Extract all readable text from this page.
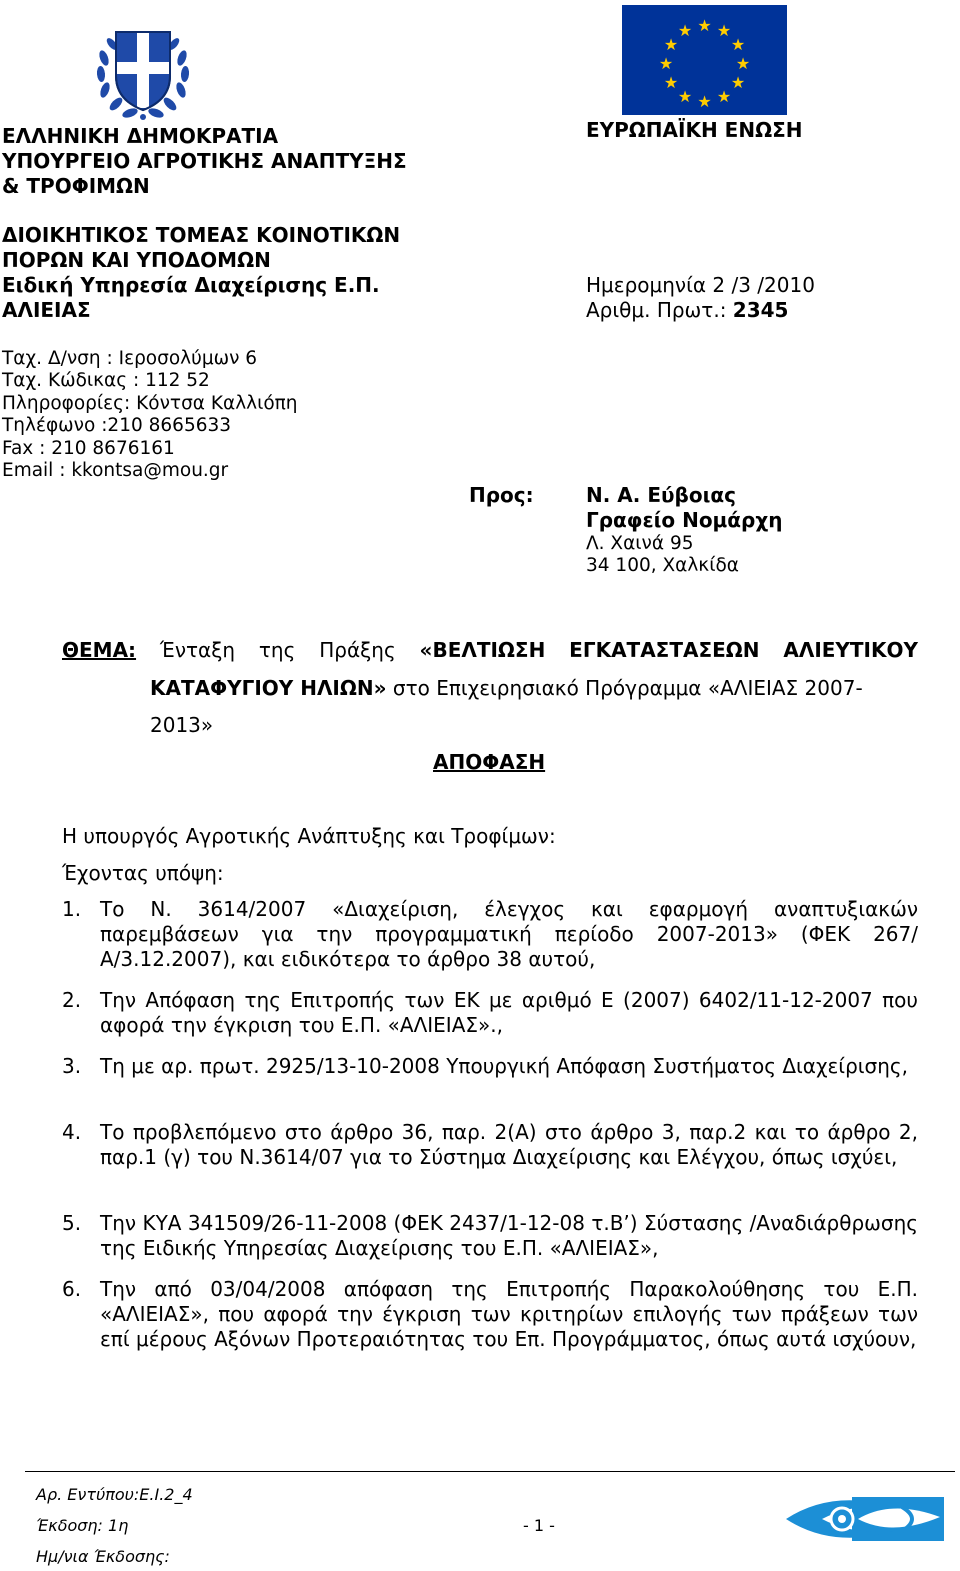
★ ★
★
★
★
★
★
★
★
★
★
★
ΕΛΛΗΝΙΚΗ ΔΗΜΟΚΡΑΤΙΑ
ΥΠΟΥΡΓΕΙΟ ΑΓΡΟΤΙΚΗΣ ΑΝΑΠΤΥΞΗΣ
& ΤΡΟΦΙΜΩΝ
ΔΙΟΙΚΗΤΙΚΟΣ ΤΟΜΕΑΣ ΚΟΙΝΟΤΙΚΩΝ
ΠΟΡΩΝ ΚΑΙ ΥΠΟΔΟΜΩΝ
Ειδική Υπηρεσία Διαχείρισης Ε.Π.
ΑΛΙΕΙΑΣ
ΕΥΡΩΠΑΪΚΗ ΕΝΩΣΗ
Ημερομηνία 2 /3 /2010
Αριθμ. Πρωτ.: 2345
Ταχ. Δ/νση : Ιεροσολύμων 6
Ταχ. Κώδικας : 112 52
Πληροφορίες: Κόντσα Καλλιόπη
Τηλέφωνο :210 8665633
Fax : 210 8676161
Email : kkontsa@mou.gr
Προς:	Ν. Α. Εύβοιας
Γραφείο Νομάρχη
Λ. Χαινά 95
34 100, Χαλκίδα
ΘΕΜΑ: Ένταξη της Πράξης «ΒΕΛΤΙΩΣΗ ΕΓΚΑΤΑΣΤΑΣΕΩΝ ΑΛΙΕΥΤΙΚΟΥ
ΚΑΤΑΦΥΓΙΟΥ ΗΛΙΩΝ» στο Επιχειρησιακό Πρόγραμμα «ΑΛΙΕΙΑΣ 2007-
2013»
ΑΠΟΦΑΣΗ
Η υπουργός Αγροτικής Ανάπτυξης και Τροφίμων:
Έχοντας υπόψη:
1. Το Ν. 3614/2007 «Διαχείριση, έλεγχος και εφαρμογή αναπτυξιακών παρεμβάσεων για την προγραμματική περίοδο 2007-2013» (ΦΕΚ 267/Α/3.12.2007), και ειδικότερα το άρθρο 38 αυτού,
2. Την Απόφαση της Επιτροπής των ΕΚ με αριθμό Ε (2007) 6402/11-12-2007 που αφορά την έγκριση του Ε.Π. «ΑΛΙΕΙΑΣ».,
3. Τη με αρ. πρωτ. 2925/13-10-2008 Υπουργική Απόφαση Συστήματος Διαχείρισης,
4. Το προβλεπόμενο στο άρθρο 36, παρ. 2(Α) στο άρθρο 3, παρ.2 και το άρθρο 2, παρ.1 (γ) του Ν.3614/07 για το Σύστημα Διαχείρισης και Ελέγχου, όπως ισχύει,
5. Την ΚΥΑ 341509/26-11-2008 (ΦΕΚ 2437/1-12-08 τ.Β’) Σύστασης /Αναδιάρθρωσης της Ειδικής Υπηρεσίας Διαχείρισης του Ε.Π. «ΑΛΙΕΙΑΣ»,
6. Την από 03/04/2008 απόφαση της Επιτροπής Παρακολούθησης του Ε.Π. «ΑΛΙΕΙΑΣ», που αφορά την έγκριση των κριτηρίων επιλογής των πράξεων των επί μέρους Αξόνων Προτεραιότητας του Επ. Προγράμματος, όπως αυτά ισχύουν,
Αρ. Εντύπου:Ε.Ι.2_4
Έκδοση: 1η
Ημ/νια Έκδοσης:
- 1 -
